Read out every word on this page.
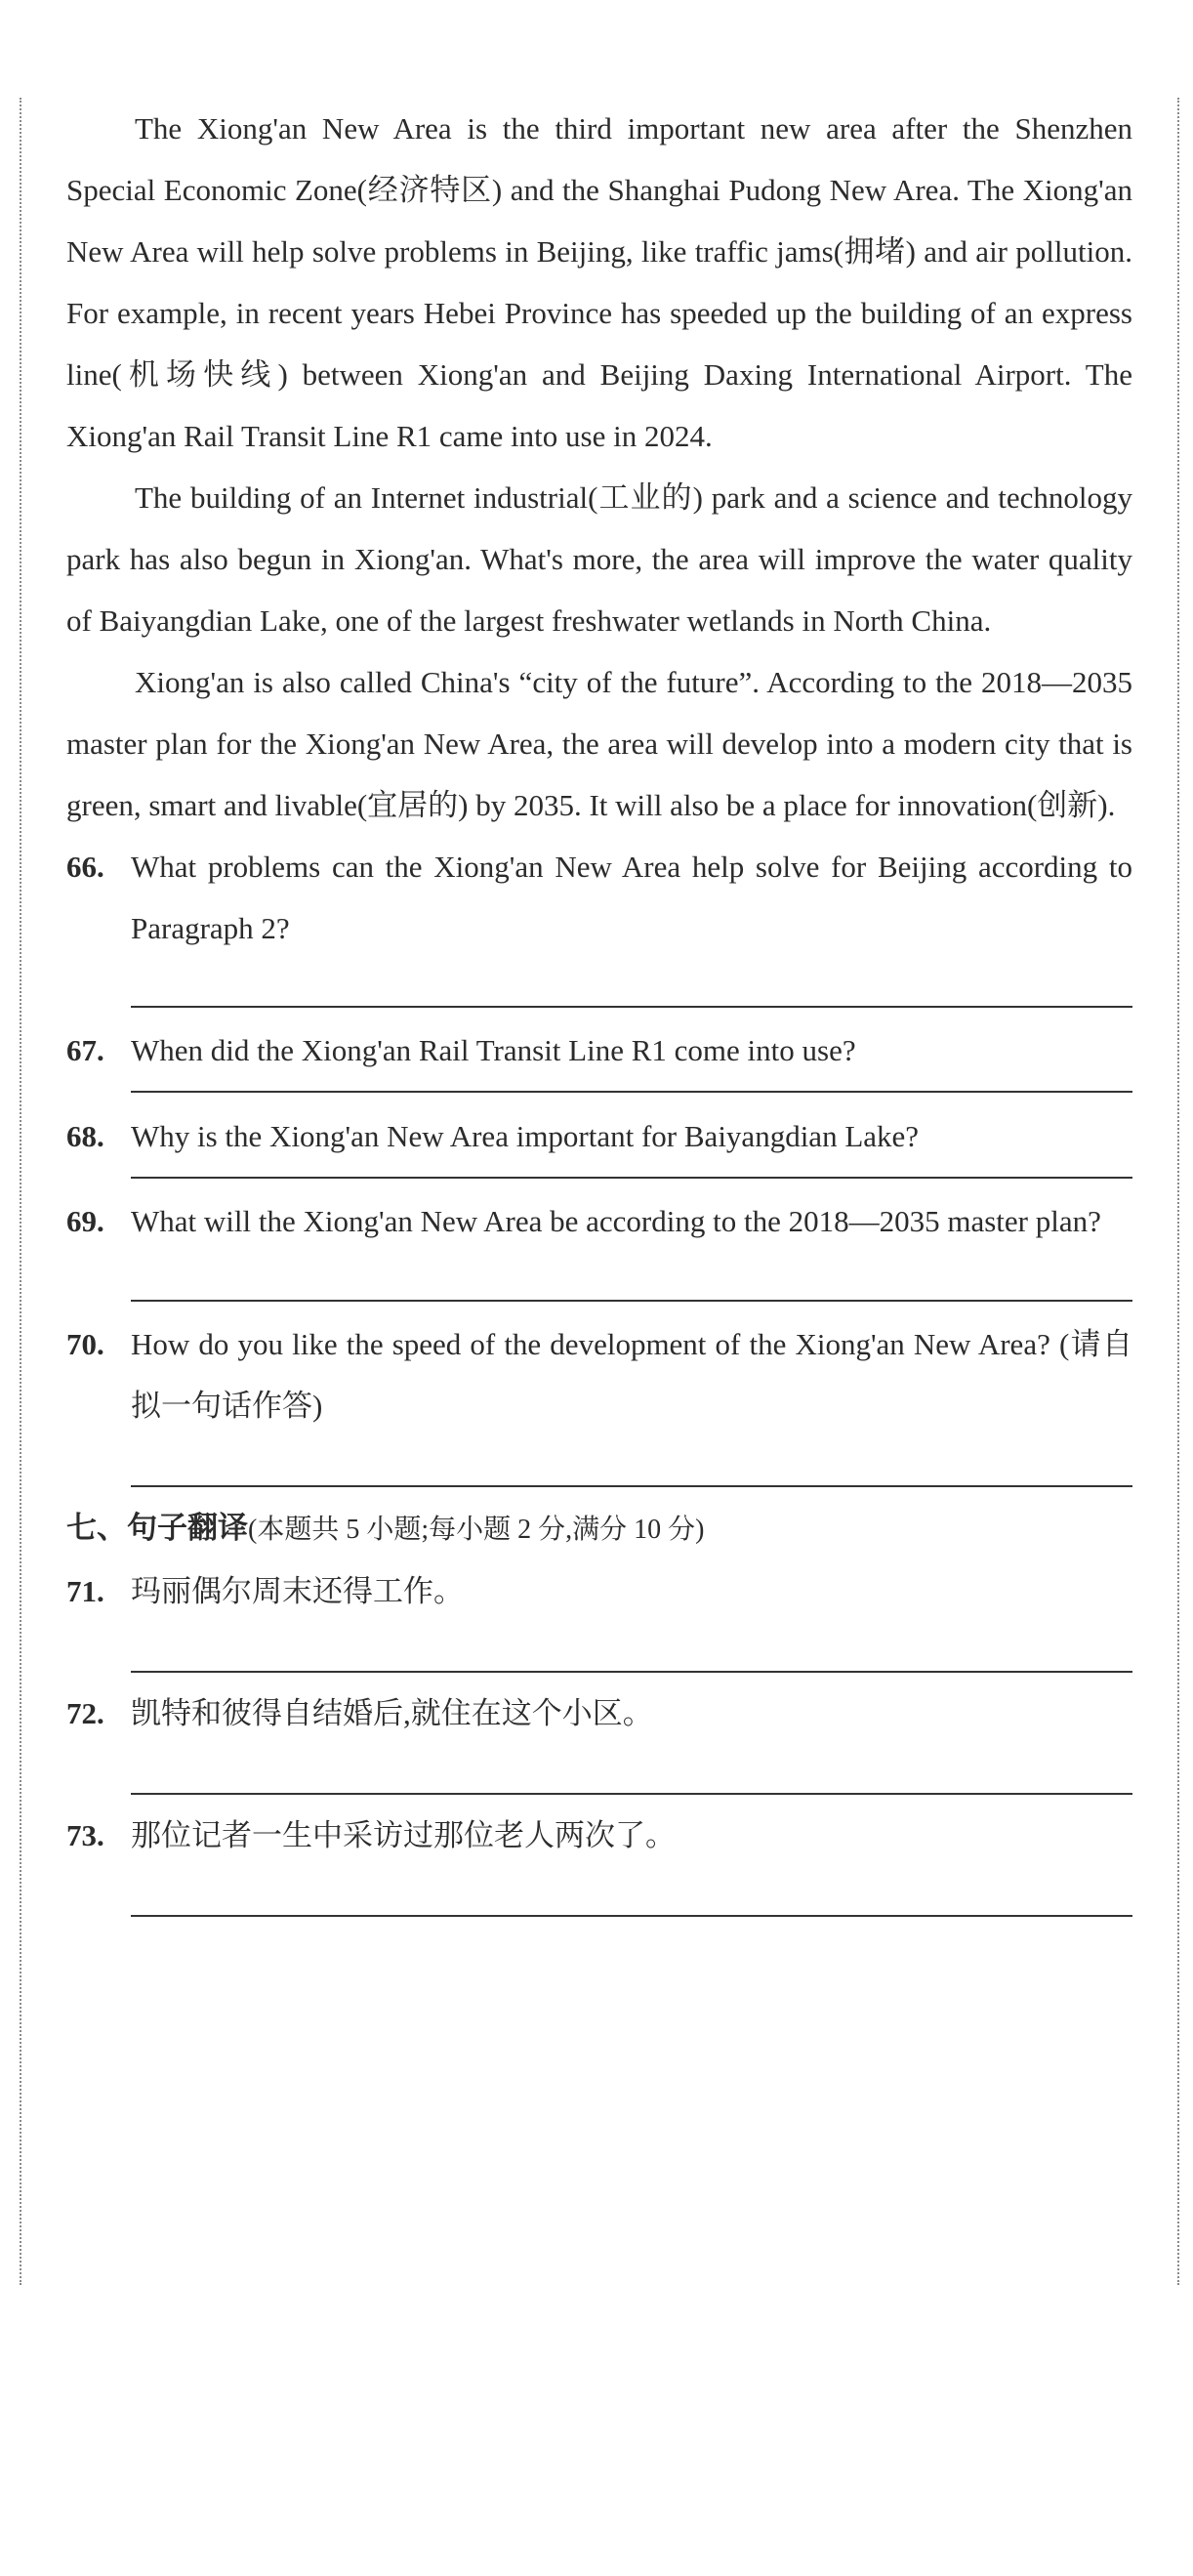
The Xiong'an New Area is the third important new area after the Shenzhen Special Economic Zone(经济特区) and the Shanghai Pudong New Area. The Xiong'an New Area will help solve problems in Beijing, like traffic jams(拥堵) and air pollution. For example, in recent years Hebei Province has speeded up the building of an express line(机场快线) between Xiong'an and Beijing Daxing International Airport. The Xiong'an Rail Transit Line R1 came into use in 2024.

The building of an Internet industrial(工业的) park and a science and technology park has also begun in Xiong'an. What's more, the area will improve the water quality of Baiyangdian Lake, one of the largest freshwater wetlands in North China.

Xiong'an is also called China's “city of the future”. According to the 2018—2035 master plan for the Xiong'an New Area, the area will develop into a modern city that is green, smart and livable(宜居的) by 2035. It will also be a place for innovation(创新).

66. What problems can the Xiong'an New Area help solve for Beijing according to Paragraph 2?
67. When did the Xiong'an Rail Transit Line R1 come into use?
68. Why is the Xiong'an New Area important for Baiyangdian Lake?
69. What will the Xiong'an New Area be according to the 2018—2035 master plan?
70. How do you like the speed of the development of the Xiong'an New Area? (请自拟一句话作答)

七、句子翻译(本题共 5 小题;每小题 2 分,满分 10 分)

71. 玛丽偶尔周末还得工作。
72. 凯特和彼得自结婚后,就住在这个小区。
73. 那位记者一生中采访过那位老人两次了。
